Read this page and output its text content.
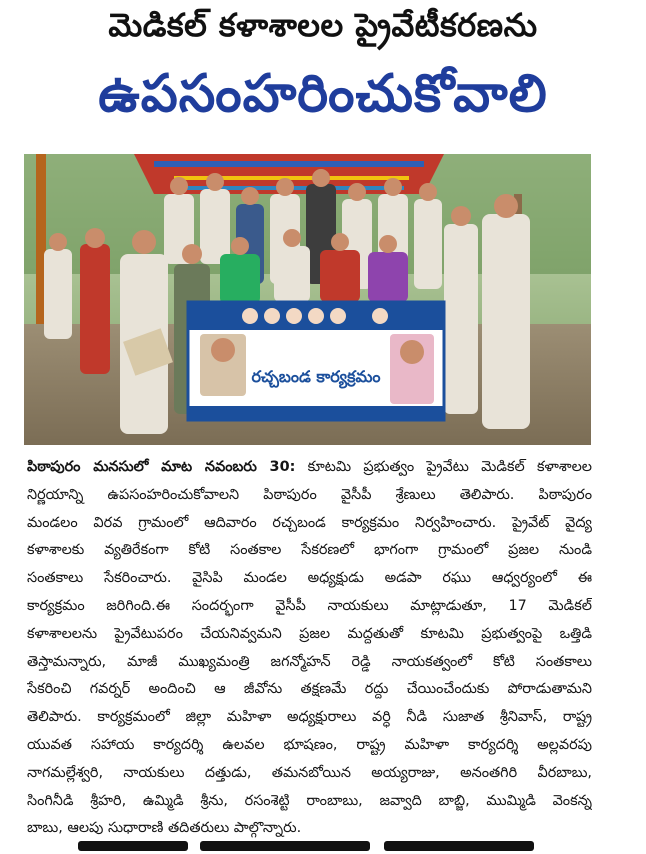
మెడికల్ కళాశాలల ప్రైవేటీకరణను
ఉపసంహరించుకోవాలి
రచ్చబండ కార్యక్రమం
పిఠాపురం మనసులో మాట నవంబరు 30: కూటమి ప్రభుత్వం ప్రైవేటు మెడికల్ కళాశాలల
నిర్ణయాన్ని ఉపసంహరించుకోవాలని పిఠాపురం వైసీపీ శ్రేణులు తెలిపారు. పిఠాపురం
మండలం విరవ గ్రామంలో ఆదివారం రచ్చబండ కార్యక్రమం నిర్వహించారు. ప్రైవేట్ వైద్య
కళాశాలకు వ్యతిరేకంగా కోటి సంతకాల సేకరణలో భాగంగా గ్రామంలో ప్రజల నుండి
సంతకాలు సేకరించారు. వైసిపి మండల అధ్యక్షుడు అడపా రఘు ఆధ్వర్యంలో ఈ
కార్యక్రమం జరిగింది.ఈ సందర్భంగా వైసీపీ నాయకులు మాట్లాడుతూ, 17 మెడికల్
కళాశాలలను ప్రైవేటుపరం చేయనివ్వమని ప్రజల మద్దతుతో కూటమి ప్రభుత్వంపై ఒత్తిడి
తెస్తామన్నారు, మాజీ ముఖ్యమంత్రి జగన్మోహన్ రెడ్డి నాయకత్వంలో కోటి సంతకాలు
సేకరించి గవర్నర్ అందించి ఆ జీవోను తక్షణమే రద్దు చేయించేందుకు పోరాడుతామని
తెలిపారు. కార్యక్రమంలో జిల్లా మహిళా అధ్యక్షురాలు వర్ధి నీడి సుజాత శ్రీనివాస్, రాష్ట్ర
యువత సహాయ కార్యదర్శి ఉలవల భూషణం, రాష్ట్ర మహిళా కార్యదర్శి అల్లవరపు
నాగమల్లేశ్వరి, నాయకులు దత్తుడు, తమనబోయిన అయ్యరాజు, అనంతగిరి వీరబాబు,
సింగినీడి శ్రీహరి, ఉమ్మిడి శ్రీను, రసంశెట్టి రాంబాబు, జవ్వాది బాబ్జి, ముమ్మిడి వెంకన్న
బాబు, ఆలపు సుధారాణి తదితరులు పాల్గొన్నారు.
